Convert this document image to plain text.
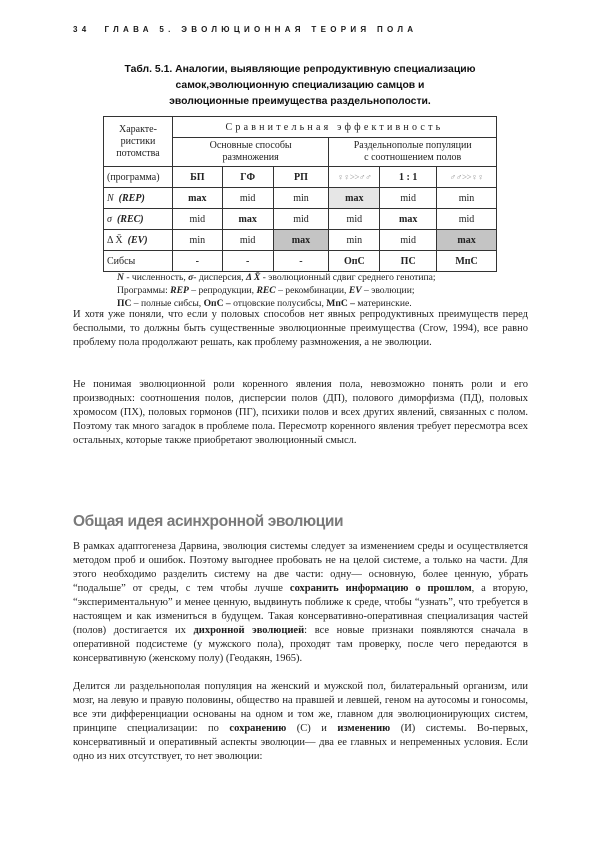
34 ГЛАВА 5. ЭВОЛЮЦИОННАЯ ТЕОРИЯ ПОЛА
Табл. 5.1. Аналогии, выявляющие репродуктивную специализацию
самок,эволюционную специализацию самцов и
эволюционные преимущества раздельнополости.
Характе-
ристики
потомства	Сравнительная эффективность					

Основные способы
размножения

Раздельнополые популяции
с соотношением полов

(программа)	БП	ГФ	РП	♀♀>>♂♂	1 : 1	♂♂>>♀♀
N (REP)	max	mid	min	max	mid	min
σ (REC)	mid	max	mid	mid	max	mid
Δ X̄ (EV)	min	mid	max	min	mid	max
Сибсы	-	-	-	ОпС	ПС	МпС
N - численность, σ- дисперсия, Δ X̄ - эволюционный сдвиг среднего генотипа;
Программы: REP – репродукции, REC – рекомбинации, EV – эволюции;
ПС – полные сибсы, ОпС – отцовские полусибсы, МпС – материнские.

И хотя уже поняли, что если у половых способов нет явных репродуктивных преимуществ перед бесполыми, то должны быть существенные эволюционные преимущества (Crow, 1994), все равно проблему пола продолжают решать, как проблему размножения, а не эволюции.

Не понимая эволюционной роли коренного явления пола, невозможно понять роли и его производных: соотношения полов, дисперсии полов (ДП), полового диморфизма (ПД), половых хромосом (ПХ), половых гормонов (ПГ), психики полов и всех других явлений, связанных с полом. Поэтому так много загадок в проблеме пола. Пересмотр коренного явления требует пересмотра всех остальных, которые также приобретают эволюционный смысл.

Общая идея асинхронной эволюции

В рамках адаптогенеза Дарвина, эволюция системы следует за изменением среды и осуществляется методом проб и ошибок. Поэтому выгоднее пробовать не на целой системе, а только на части. Для этого необходимо разделить систему на две части: одну— основную, более ценную, убрать “подальше” от среды, с тем чтобы лучше сохранить информацию о прошлом, а вторую, “экспериментальную” и менее ценную, выдвинуть поближе к среде, чтобы “узнать”, что требуется в настоящем и как измениться в будущем. Такая консервативно-оперативная специализация частей (полов) достигается их дихронной эволюцией: все новые признаки появляются сначала в оперативной подсистеме (у мужского пола), проходят там проверку, после чего передаются в консервативную (женскому полу) (Геодакян, 1965).

Делится ли раздельнополая популяция на женский и мужской пол, билатеральный организм, или мозг, на левую и правую половины, общество на правшей и левшей, геном на аутосомы и гоносомы, все эти дифференциации основаны на одном и том же, главном для эволюционирующих систем, принципе специализации: по сохранению (С) и изменению (И) системы. Во-первых, консервативный и оперативный аспекты эволюции— два ее главных и непременных условия. Если одно из них отсутствует, то нет эволюции:
